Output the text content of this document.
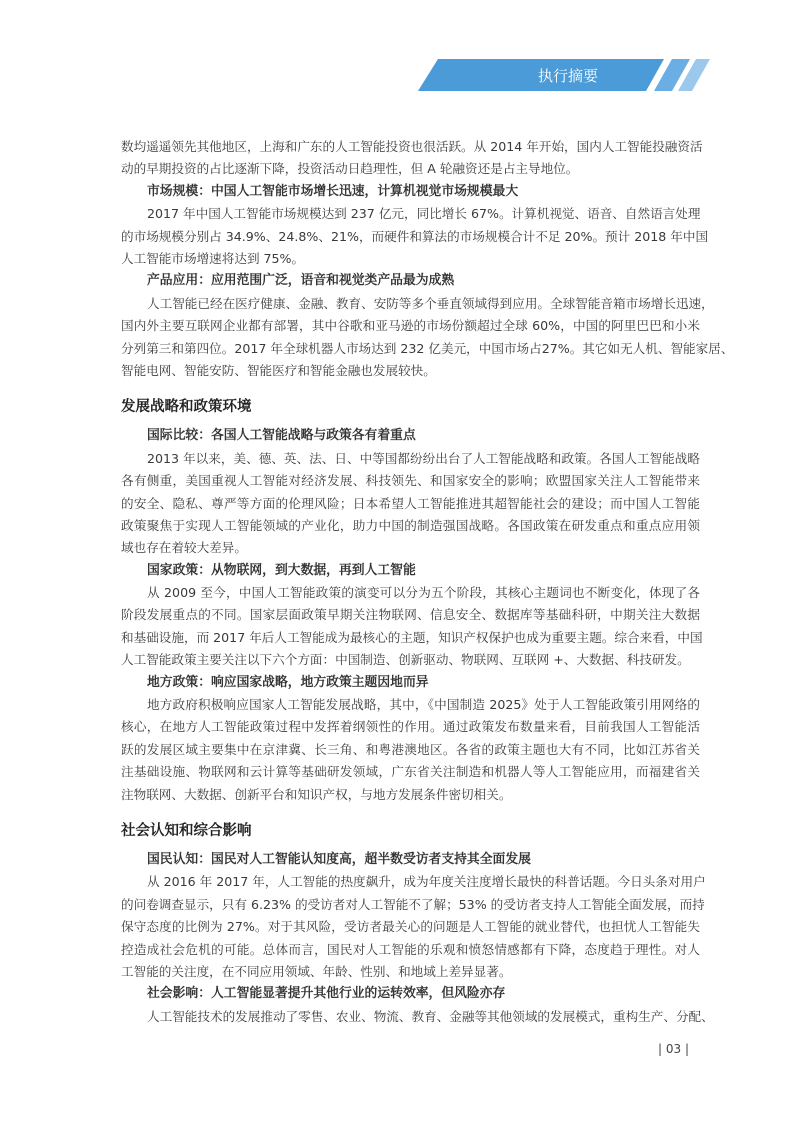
执行摘要
数均遥遥领先其他地区，上海和广东的人工智能投资也很活跃。从 2014 年开始，国内人工智能投融资活
动的早期投资的占比逐渐下降，投资活动日趋理性，但 A 轮融资还是占主导地位。
市场规模：中国人工智能市场增长迅速，计算机视觉市场规模最大
2017 年中国人工智能市场规模达到 237 亿元，同比增长 67%。计算机视觉、语音、自然语言处理
的市场规模分别占 34.9%、24.8%、21%，而硬件和算法的市场规模合计不足 20%。预计 2018 年中国
人工智能市场增速将达到 75%。
产品应用：应用范围广泛，语音和视觉类产品最为成熟
人工智能已经在医疗健康、金融、教育、安防等多个垂直领域得到应用。全球智能音箱市场增长迅速，
国内外主要互联网企业都有部署，其中谷歌和亚马逊的市场份额超过全球 60%，中国的阿里巴巴和小米
分列第三和第四位。2017 年全球机器人市场达到 232 亿美元，中国市场占27%。其它如无人机、智能家居、
智能电网、智能安防、智能医疗和智能金融也发展较快。
发展战略和政策环境
国际比较：各国人工智能战略与政策各有着重点
2013 年以来，美、德、英、法、日、中等国都纷纷出台了人工智能战略和政策。各国人工智能战略
各有侧重，美国重视人工智能对经济发展、科技领先、和国家安全的影响；欧盟国家关注人工智能带来
的安全、隐私、尊严等方面的伦理风险；日本希望人工智能推进其超智能社会的建设；而中国人工智能
政策聚焦于实现人工智能领域的产业化，助力中国的制造强国战略。各国政策在研发重点和重点应用领
域也存在着较大差异。
国家政策：从物联网，到大数据，再到人工智能
从 2009 至今，中国人工智能政策的演变可以分为五个阶段，其核心主题词也不断变化，体现了各
阶段发展重点的不同。国家层面政策早期关注物联网、信息安全、数据库等基础科研，中期关注大数据
和基础设施，而 2017 年后人工智能成为最核心的主题，知识产权保护也成为重要主题。综合来看，中国
人工智能政策主要关注以下六个方面：中国制造、创新驱动、物联网、互联网 +、大数据、科技研发。
地方政策：响应国家战略，地方政策主题因地而异
地方政府积极响应国家人工智能发展战略，其中，《中国制造 2025》处于人工智能政策引用网络的
核心，在地方人工智能政策过程中发挥着纲领性的作用。通过政策发布数量来看，目前我国人工智能活
跃的发展区域主要集中在京津冀、长三角、和粤港澳地区。各省的政策主题也大有不同，比如江苏省关
注基础设施、物联网和云计算等基础研发领域，广东省关注制造和机器人等人工智能应用，而福建省关
注物联网、大数据、创新平台和知识产权，与地方发展条件密切相关。
社会认知和综合影响
国民认知：国民对人工智能认知度高，超半数受访者支持其全面发展
从 2016 年 2017 年，人工智能的热度飙升，成为年度关注度增长最快的科普话题。今日头条对用户
的问卷调查显示，只有 6.23% 的受访者对人工智能不了解；53% 的受访者支持人工智能全面发展，而持
保守态度的比例为 27%。对于其风险，受访者最关心的问题是人工智能的就业替代，也担忧人工智能失
控造成社会危机的可能。总体而言，国民对人工智能的乐观和愤怒情感都有下降，态度趋于理性。对人
工智能的关注度，在不同应用领域、年龄、性别、和地域上差异显著。
社会影响：人工智能显著提升其他行业的运转效率，但风险亦存
人工智能技术的发展推动了零售、农业、物流、教育、金融等其他领域的发展模式，重构生产、分配、
| 03 |
